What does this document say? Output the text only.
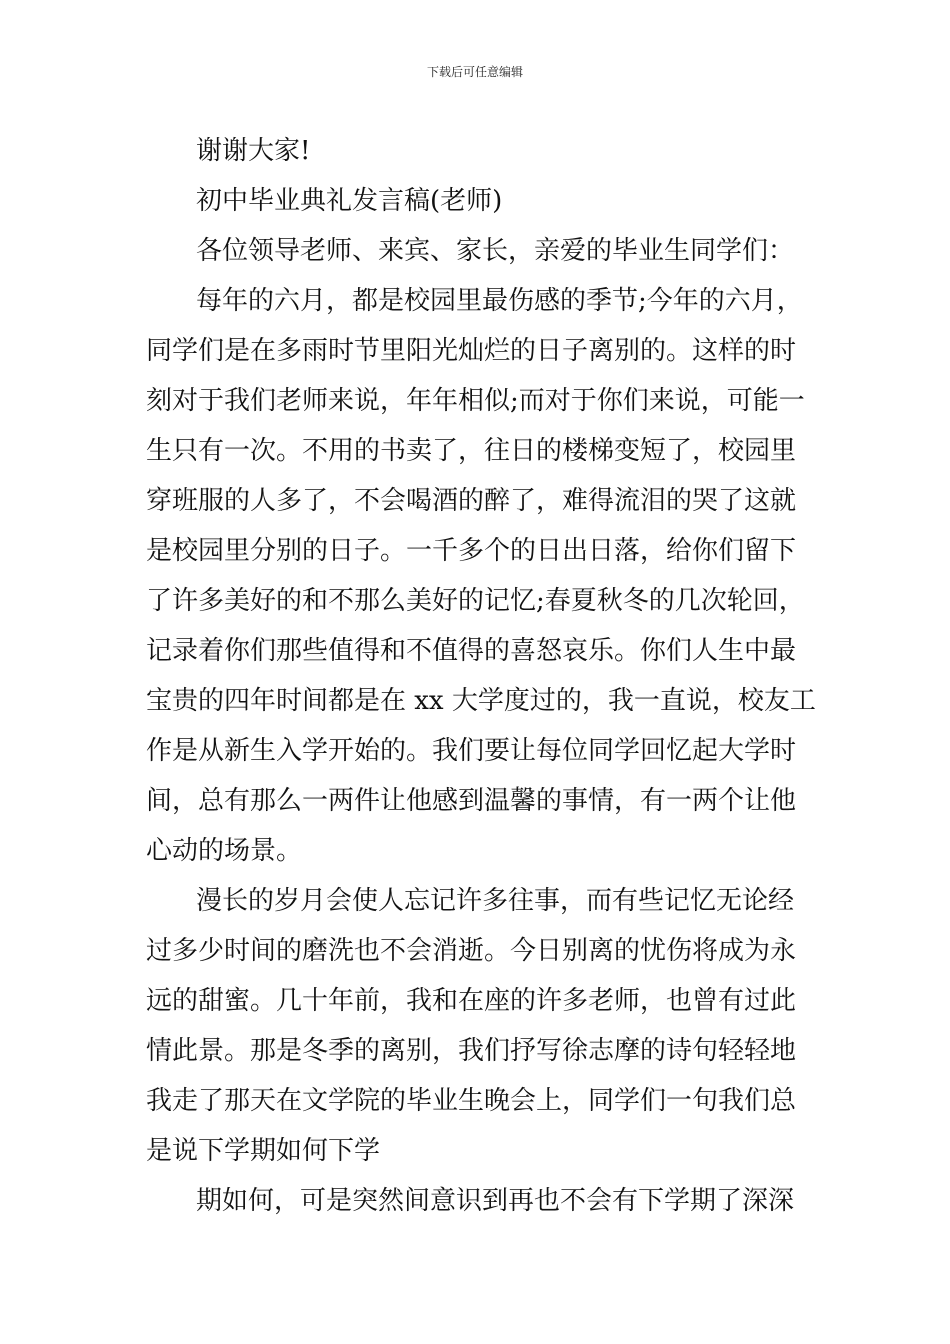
下载后可任意编辑
谢谢大家!
初中毕业典礼发言稿(老师)
各位领导老师、来宾、家长，亲爱的毕业生同学们：
每年的六月，都是校园里最伤感的季节;今年的六月，
同学们是在多雨时节里阳光灿烂的日子离别的。这样的时
刻对于我们老师来说，年年相似;而对于你们来说，可能一
生只有一次。不用的书卖了，往日的楼梯变短了，校园里
穿班服的人多了，不会喝酒的醉了，难得流泪的哭了这就
是校园里分别的日子。一千多个的日出日落，给你们留下
了许多美好的和不那么美好的记忆;春夏秋冬的几次轮回，
记录着你们那些值得和不值得的喜怒哀乐。你们人生中最
宝贵的四年时间都是在 xx 大学度过的，我一直说，校友工
作是从新生入学开始的。我们要让每位同学回忆起大学时
间，总有那么一两件让他感到温馨的事情，有一两个让他
心动的场景。
漫长的岁月会使人忘记许多往事，而有些记忆无论经
过多少时间的磨洗也不会消逝。今日别离的忧伤将成为永
远的甜蜜。几十年前，我和在座的许多老师，也曾有过此
情此景。那是冬季的离别，我们抒写徐志摩的诗句轻轻地
我走了那天在文学院的毕业生晚会上，同学们一句我们总
是说下学期如何下学
期如何，可是突然间意识到再也不会有下学期了深深
